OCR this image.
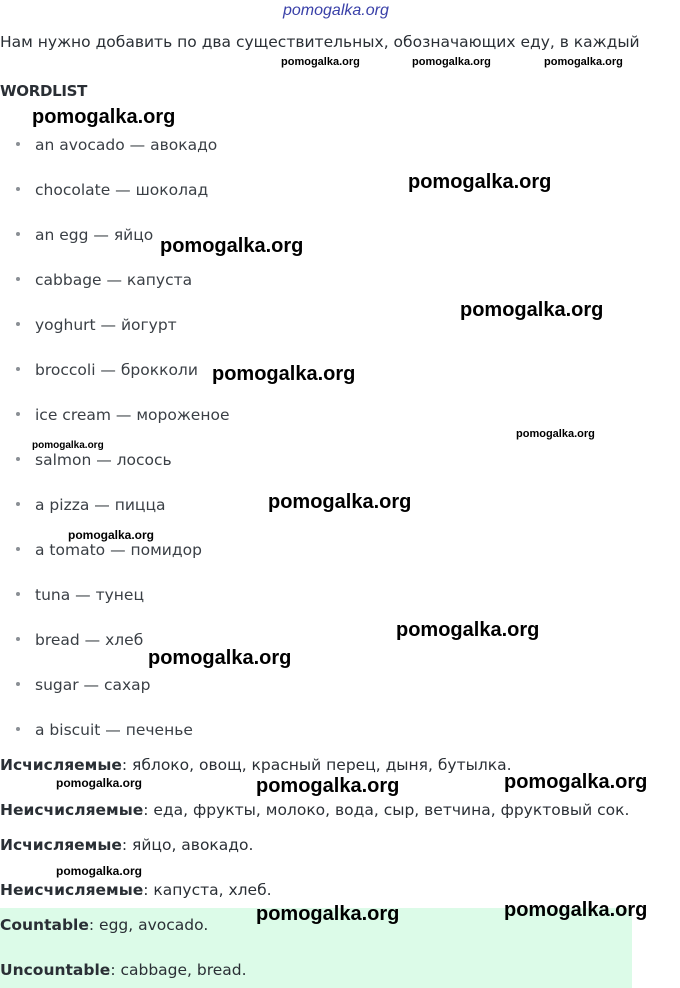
pomogalka.org
Нам нужно добавить по два существительных, обозначающих еду, в каждый
pomogalka.org	pomogalka.org	pomogalka.org
WORDLIST
an avocado — авокадо
chocolate — шоколад
an egg — яйцо
cabbage — капуста
yoghurt — йогурт
broccoli — брокколи
ice cream — мороженое
salmon — лосось
a pizza — пицца
a tomato — помидор
tuna — тунец
bread — хлеб
sugar — сахар
a biscuit — печенье
Исчисляемые: яблоко, овощ, красный перец, дыня, бутылка.
Неисчисляемые: еда, фрукты, молоко, вода, сыр, ветчина, фруктовый сок.
Исчисляемые: яйцо, авокадо.
Неисчисляемые: капуста, хлеб.
Countable: egg, avocado.
Uncountable: cabbage, bread.
pomogalka.org
pomogalka.org
pomogalka.org
pomogalka.org
pomogalka.org
pomogalka.org
pomogalka.org
pomogalka.org
pomogalka.org
pomogalka.org
pomogalka.org
pomogalka.org	pomogalka.org	pomogalka.org
pomogalka.org
pomogalka.org	pomogalka.org
